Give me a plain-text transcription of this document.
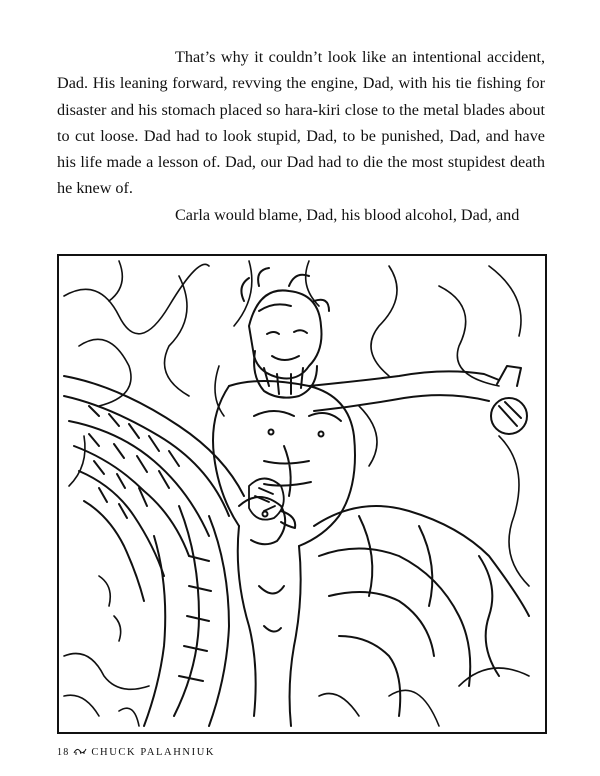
That’s why it couldn’t look like an intentional accident, Dad. His leaning forward, revving the engine, Dad, with his tie fishing for disaster and his stomach placed so hara-kiri close to the metal blades about to cut loose. Dad had to look stupid, Dad, to be punished, Dad, and have his life made a lesson of. Dad, our Dad had to die the most stupidest death he knew of.

Carla would blame, Dad, his blood alcohol, Dad, and

18 CHUCK PALAHNIUK
